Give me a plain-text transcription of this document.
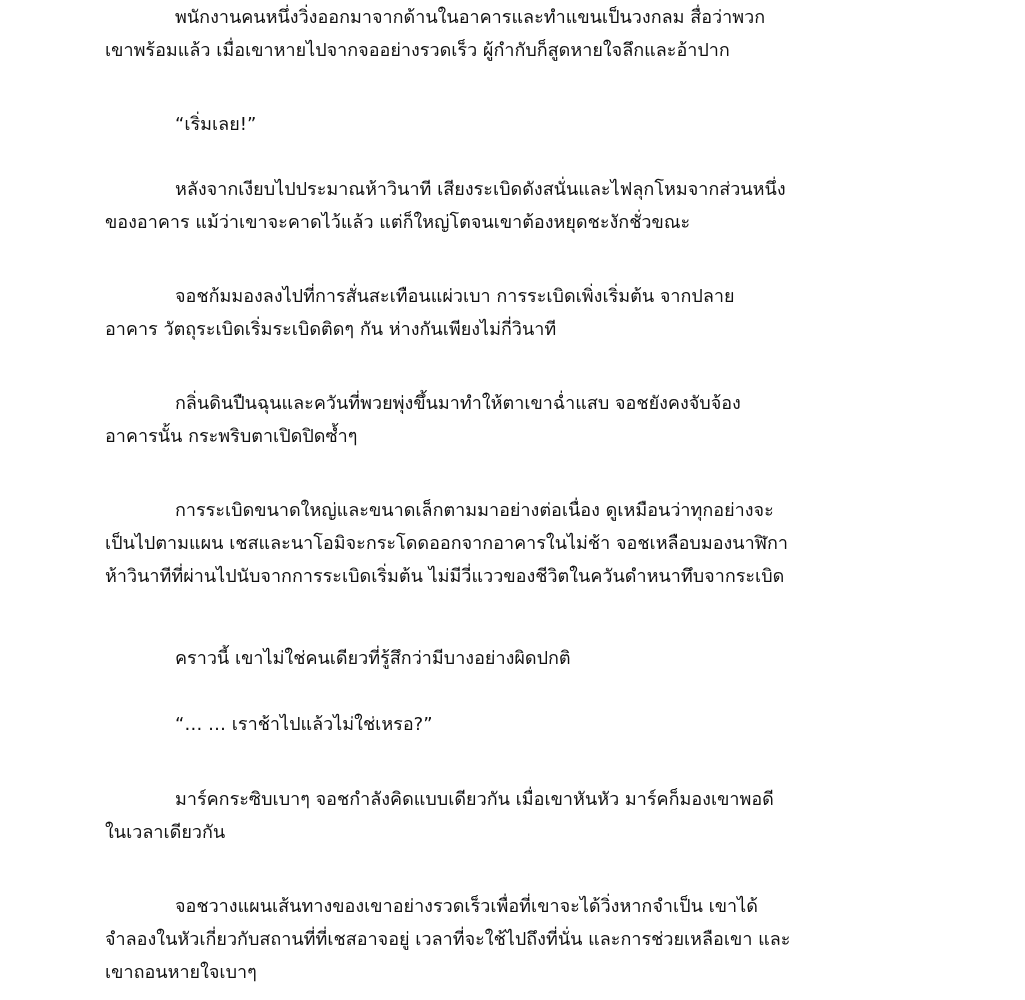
พนักงานคนหนึ่งวิ่งออกมาจากด้านในอาคารและทำแขนเป็นวงกลม สื่อว่าพวก
เขาพร้อมแล้ว เมื่อเขาหายไปจากจออย่างรวดเร็ว ผู้กำกับก็สูดหายใจลึกและอ้าปาก

“เริ่มเลย!”

หลังจากเงียบไปประมาณห้าวินาที เสียงระเบิดดังสนั่นและไฟลุกโหมจากส่วนหนึ่ง
ของอาคาร แม้ว่าเขาจะคาดไว้แล้ว แต่ก็ใหญ่โตจนเขาต้องหยุดชะงักชั่วขณะ

จอชก้มมองลงไปที่การสั่นสะเทือนแผ่วเบา การระเบิดเพิ่งเริ่มต้น จากปลาย
อาคาร วัตถุระเบิดเริ่มระเบิดติดๆ กัน ห่างกันเพียงไม่กี่วินาที

กลิ่นดินปืนฉุนและควันที่พวยพุ่งขึ้นมาทำให้ตาเขาฉ่ำแสบ จอชยังคงจับจ้อง
อาคารนั้น กระพริบตาเปิดปิดซ้ำๆ

การระเบิดขนาดใหญ่และขนาดเล็กตามมาอย่างต่อเนื่อง ดูเหมือนว่าทุกอย่างจะ
เป็นไปตามแผน เชสและนาโอมิจะกระโดดออกจากอาคารในไม่ช้า จอชเหลือบมองนาฬิกา
ห้าวินาทีที่ผ่านไปนับจากการระเบิดเริ่มต้น ไม่มีวี่แววของชีวิตในควันดำหนาทึบจากระเบิด

คราวนี้ เขาไม่ใช่คนเดียวที่รู้สึกว่ามีบางอย่างผิดปกติ

“… … เราช้าไปแล้วไม่ใช่เหรอ?”

มาร์คกระซิบเบาๆ จอชกำลังคิดแบบเดียวกัน เมื่อเขาหันหัว มาร์คก็มองเขาพอดี
ในเวลาเดียวกัน

จอชวางแผนเส้นทางของเขาอย่างรวดเร็วเพื่อที่เขาจะได้วิ่งหากจำเป็น เขาได้
จำลองในหัวเกี่ยวกับสถานที่ที่เชสอาจอยู่ เวลาที่จะใช้ไปถึงที่นั่น และการช่วยเหลือเขา และ
เขาถอนหายใจเบาๆ
